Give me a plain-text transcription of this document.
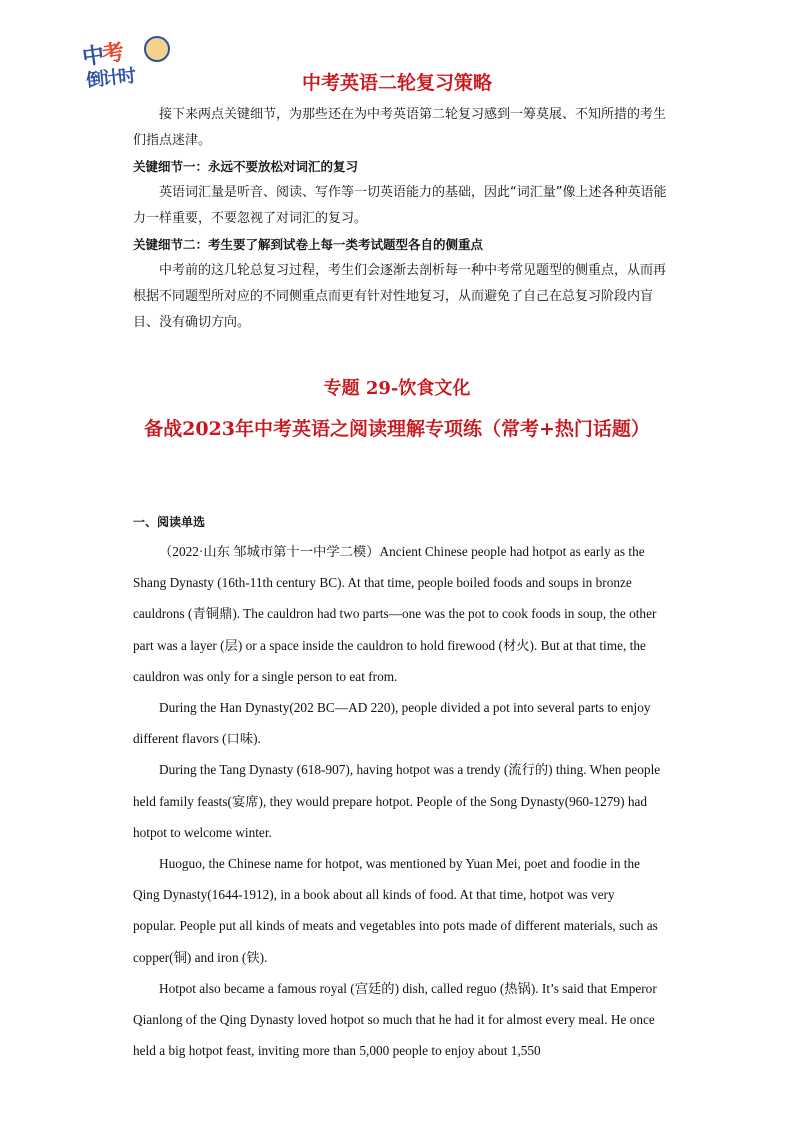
中考
倒计时	中考英语二轮复习策略

接下来两点关键细节，为那些还在为中考英语第二轮复习感到一筹莫展、不知所措的考生们指点迷津。

关键细节一：永远不要放松对词汇的复习

英语词汇量是听音、阅读、写作等一切英语能力的基础，因此“词汇量”像上述各种英语能力一样重要，不要忽视了对词汇的复习。

关键细节二：考生要了解到试卷上每一类考试题型各自的侧重点

中考前的这几轮总复习过程，考生们会逐渐去剖析每一种中考常见题型的侧重点，从而再根据不同题型所对应的不同侧重点而更有针对性地复习，从而避免了自己在总复习阶段内盲目、没有确切方向。

专题 29-饮食文化
备战2023年中考英语之阅读理解专项练（常考+热门话题）
一、阅读单选

（2022·山东 邹城市第十一中学二模）Ancient Chinese people had hotpot as early as the Shang Dynasty (16th-11th century BC). At that time, people boiled foods and soups in bronze cauldrons (青铜鼎). The cauldron had two parts—one was the pot to cook foods in soup, the other part was a layer (层) or a space inside the cauldron to hold firewood (材火). But at that time, the cauldron was only for a single person to eat from.

During the Han Dynasty(202 BC—AD 220), people divided a pot into several parts to enjoy different flavors (口味).

During the Tang Dynasty (618-907), having hotpot was a trendy (流行的) thing. When people held family feasts(宴席), they would prepare hotpot. People of the Song Dynasty(960-1279) had hotpot to welcome winter.

Huoguo, the Chinese name for hotpot, was mentioned by Yuan Mei, poet and foodie in the Qing Dynasty(1644-1912), in a book about all kinds of food. At that time, hotpot was very popular. People put all kinds of meats and vegetables into pots made of different materials, such as copper(铜) and iron (铁).

Hotpot also became a famous royal (宫廷的) dish, called reguo (热锅). It’s said that Emperor Qianlong of the Qing Dynasty loved hotpot so much that he had it for almost every meal. He once held a big hotpot feast, inviting more than 5,000 people to enjoy about 1,550
